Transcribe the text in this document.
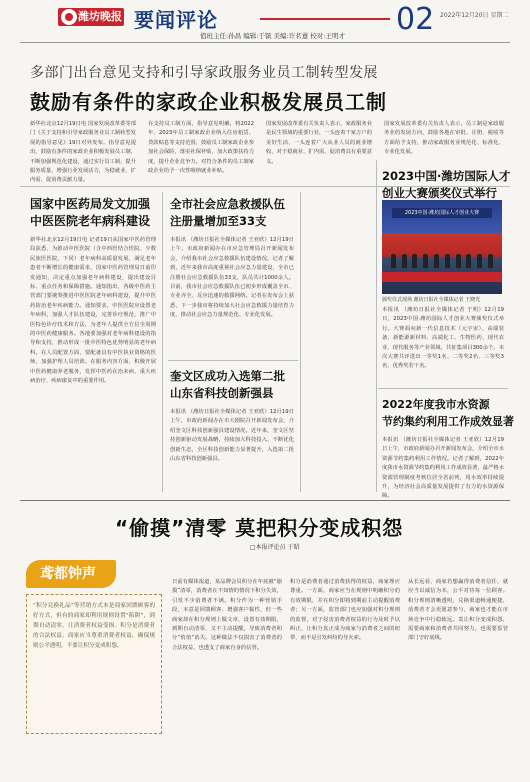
潍坊晚报 要闻评论	02 2022年12月20日 星期二
值班主任:孙昌 编辑:于镔 美编:许茗薏 校对:王明才
多部门出台意见支持和引导家政服务业员工制转型发展
鼓励有条件的家政企业积极发展员工制
新华社北京12月19日电 国家发展改革委等部门《关于支持和引导家政服务业员工制转型发展的指导意见》19日对外发布。指导意见提出，鼓励有条件的家政企业积极发展员工制，不断加强规范化建设，通过实行员工制，提升服务质量，增强行业发展活力，为稳就业、扩内需、促消费贡献力量。
在支持员工制方面，指导意见明确，将2022年、2023年员工制家政企业纳入住房租赁、贷款贴息等支持范围，鼓励员工制家政企业参加社会保险，落实社保补贴，加大政策扶持力度，提升企业竞争力。对符合条件的员工制家政企业给予一次性吸纳就业补贴。
国家发展改革委有关负责人表示，家政服务业是民生领域的重要行业，一头连着千家万户的美好生活，一头连着广大从业人员的就业增收，对于稳就业、扩内需、促消费具有重要意义。
国家发展改革委有关负责人表示，员工制是家政服务业的发展方向，鼓励各地在审批、注册、税收等方面给予支持，推动家政服务业规范化、标准化、专业化发展。
国家中医药局发文加强
中医医院老年病科建设
新华社北京12月19日电 记者19日从国家中医药管理局获悉，为推动中医医院（含中西医结合医院、少数民族医医院，下同）老年病科高质量发展，满足老年患者不断增长的健康需求，国家中医药管理局日前印发通知，决定重点加强老年病科建设，提出建设目标、重点任务和保障措施。通知指出，各级中医药主管部门要统筹推进中医医院老年病科建设，提升中医药防治老年疾病能力。通知要求，中医医院应设置老年病科，加强人才队伍建设，完善诊疗规范，推广中医特色诊疗技术和方法，为老年人提供全方位全周期的中医药健康服务。各地要加强对老年病科建设的指导和支持，推动形成一批中医特色优势明显的老年病科。在人员配置方面，要配备具有中医执业资格的医师，加强护理人员培训。在服务内容方面，积极开展中医药健康养老服务，发挥中医药在治未病、重大疾病治疗、疾病康复中的重要作用。
全市社会应急救援队伍
注册量增加至33支
本报讯 （潍坊日报社全媒体记者 王亚欣）12月19日上午，市政府新闻办在市应急管理局召开新闻发布会，介绍我市社会应急救援队伍建设情况。记者了解到，近年来我市高度重视社会应急力量建设，全市已注册社会应急救援队伍33支，队员共计1000余人。目前，我市社会应急救援队伍已初步形成覆盖全市、专业齐全、反应迅速的救援网络。记者在发布会上获悉，下一步我市将持续加大社会应急救援力量培育力度，推动社会应急力量规范化、专业化发展。
奎文区成功入选第二批
山东省科技创新强县
本报讯 （潍坊日报社全媒体记者 王亚欣）12月19日上午，市政府新闻办在市大剧院召开新闻发布会，介绍奎文区科技创新强县建设情况。近年来，奎文区坚持创新驱动发展战略，持续加大科技投入，不断优化创新生态，全区科技创新能力显著提升，入选第二批山东省科技创新强县。
2023中国·潍坊国际人才
创业大赛颁奖仪式举行
2023中国·潍坊国际人才创业大赛
颁奖仪式现场 潍坊日报社全媒体记者 王晓光
本报讯 （潍坊日报社全媒体记者 于明）12月19日，2023中国·潍坊国际人才创业大赛颁奖仪式举行。大赛面向新一代信息技术（元宇宙）、高端装备、新能源新材料、高端化工、生物医药、现代农业、现代服务等产业领域，共征集项目300余个。本次大赛共评选出一等奖1名、二等奖2名、三等奖3名、优秀奖若干名。
2022年度我市水资源
节约集约利用工作成效显著
本报讯 （潍坊日报社全媒体记者 王亚欣）12月19日上午，市政府新闻办召开新闻发布会，介绍全市水资源节约集约利用工作情况。记者了解到，2022年度我市水资源节约集约利用工作成效显著，最严格水资源管理制度考核位居全省前列，用水效率持续提升，为经济社会高质量发展提供了有力的水资源保障。
“偷摸”清零 莫把积分变成积怨
□本报评论员 于昭
鸢都钟声
“积分兑换礼品”等营销方式本是商家回馈顾客的好方式，但有的商家却利用规则设置“陷阱”，到期自动清零，让消费者权益受损。积分是消费者的合法权益，商家应当尊重消费者权益，确保规则公平透明，不要让积分变成积怨。
日前有媒体报道，某品牌会员积分在年底被“偷摸”清零，消费者在不知情的情况下积分失效，引发不少消费者不满。积分作为一种营销手段，本意是回馈顾客、增强客户黏性，但一些商家却在积分规则上做文章，设置有效期限，到期自动清零，又不主动提醒，导致消费者积分“悄悄”消失。这种做法不仅损害了消费者的合法权益，也透支了商家自身的信誉。
积分是消费者通过消费获得的权益，商家理应尊重。一方面，商家应当在规则中明确积分的有效期限，并在积分即将到期前主动提醒消费者；另一方面，监管部门也应加强对积分规则的监督，对于侵害消费者权益的行为及时予以纠正，让积分真正成为商家与消费者之间的纽带，而不是引发纠纷的导火索。
从长远看，商家若想赢得消费者信任，就应当以诚信为本，公平对待每一位顾客。积分规则清晰透明，兑换渠道畅通便捷，消费者才会更愿意参与，商家也才能在市场竞争中行稳致远。莫让积分变成积怨，需要商家和消费者共同努力，也需要监管部门守好底线。
